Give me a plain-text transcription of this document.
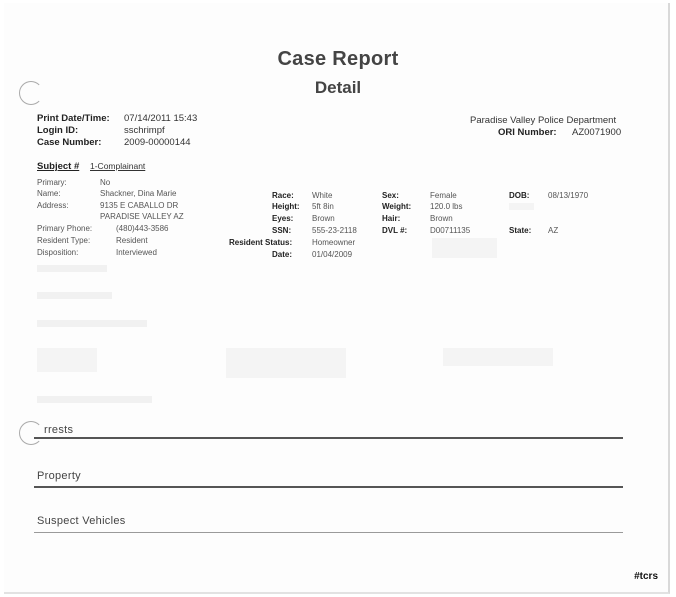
Case Report
Detail
Print Date/Time: 07/14/2011 15:43
Login ID:	sschrimpf
Case Number: 2009-00000144
Paradise Valley Police Department
ORI Number: AZ0071900
Subject # 1-Complainant
Primary:	No
Name:	Shackner, Dina Marie
Address:	9135 E CABALLO DR
PARADISE VALLEY AZ
Primary Phone:	(480)443-3586
Resident Type:	Resident
Disposition:	Interviewed
Race: White
Height: 5ft 8in
Eyes: Brown
SSN:	555-23-2118
Resident Status: Homeowner
Date: 01/04/2009
Sex:	Female
Weight: 120.0 lbs
Hair:	Brown
DVL #:	D00711135
DOB: 08/13/1970
State: AZ
rrests
Property
Suspect Vehicles
#tcrs
